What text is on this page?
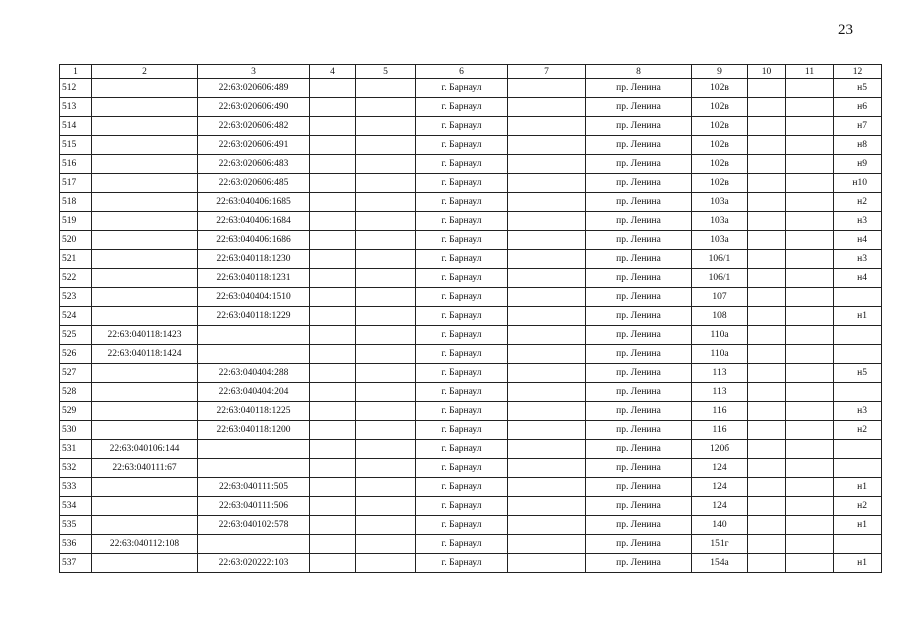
23
1	2	3	4	5	6	7	8	9	10	11	12
512		22:63:020606:489			г. Барнаул		пр. Ленина	102в			н5
513		22:63:020606:490			г. Барнаул		пр. Ленина	102в			н6
514		22:63:020606:482			г. Барнаул		пр. Ленина	102в			н7
515		22:63:020606:491			г. Барнаул		пр. Ленина	102в			н8
516		22:63:020606:483			г. Барнаул		пр. Ленина	102в			н9
517		22:63:020606:485			г. Барнаул		пр. Ленина	102в			н10
518		22:63:040406:1685			г. Барнаул		пр. Ленина	103а			н2
519		22:63:040406:1684			г. Барнаул		пр. Ленина	103а			н3
520		22:63:040406:1686			г. Барнаул		пр. Ленина	103а			н4
521		22:63:040118:1230			г. Барнаул		пр. Ленина	106/1			н3
522		22:63:040118:1231			г. Барнаул		пр. Ленина	106/1			н4
523		22:63:040404:1510			г. Барнаул		пр. Ленина	107			
524		22:63:040118:1229			г. Барнаул		пр. Ленина	108			н1
525	22:63:040118:1423				г. Барнаул		пр. Ленина	110а			
526	22:63:040118:1424				г. Барнаул		пр. Ленина	110а			
527		22:63:040404:288			г. Барнаул		пр. Ленина	113			н5
528		22:63:040404:204			г. Барнаул		пр. Ленина	113			
529		22:63:040118:1225			г. Барнаул		пр. Ленина	116			н3
530		22:63:040118:1200			г. Барнаул		пр. Ленина	116			н2
531	22:63:040106:144				г. Барнаул		пр. Ленина	120б			
532	22:63:040111:67				г. Барнаул		пр. Ленина	124			
533		22:63:040111:505			г. Барнаул		пр. Ленина	124			н1
534		22:63:040111:506			г. Барнаул		пр. Ленина	124			н2
535		22:63:040102:578			г. Барнаул		пр. Ленина	140			н1
536	22:63:040112:108				г. Барнаул		пр. Ленина	151г			
537		22:63:020222:103			г. Барнаул		пр. Ленина	154а			н1
